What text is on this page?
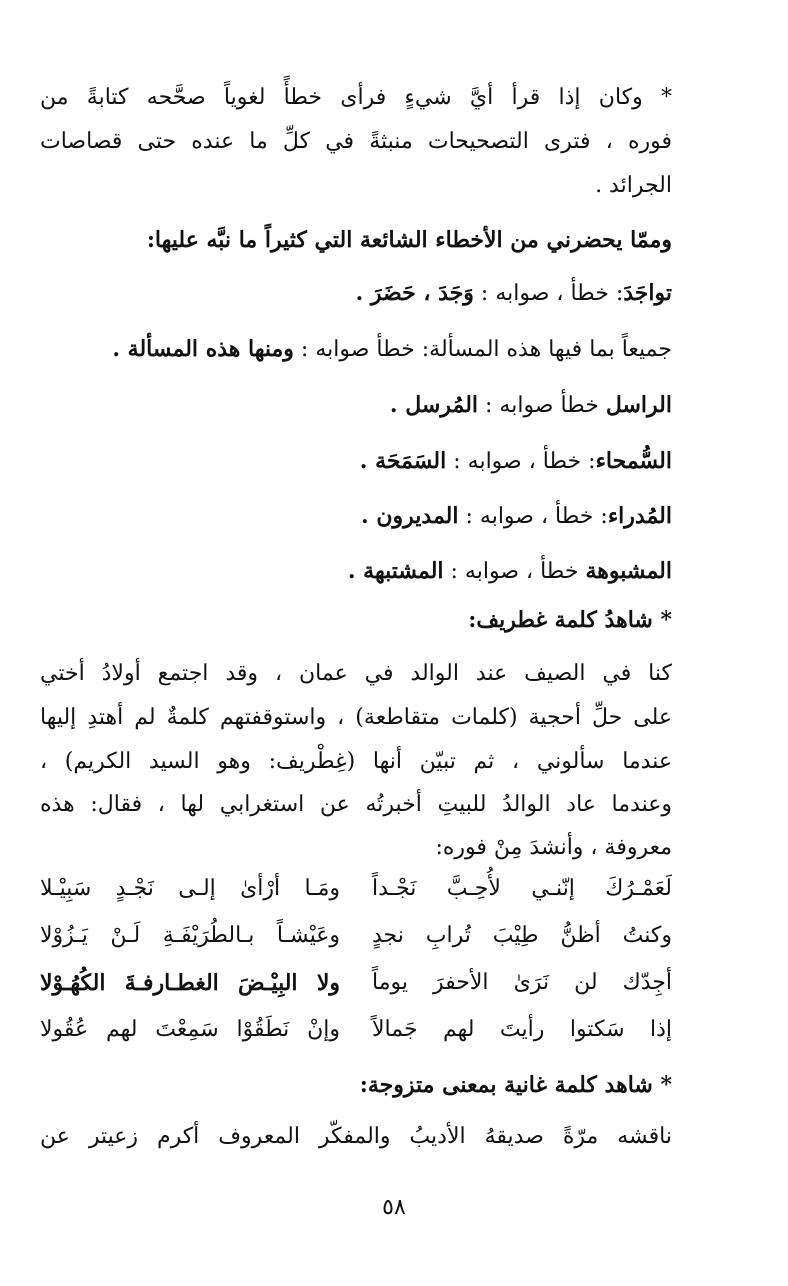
* وكان إذا قرأ أيَّ شيءٍ فرأى خطأً لغوياً صحَّحه كتابةً من
فوره ، فترى التصحيحات منبثةً في كلِّ ما عنده حتى قصاصات
الجرائد .
وممّا يحضرني من الأخطاء الشائعة التي كثيراً ما نبَّه عليها:
تواجَدَ: خطأ ، صوابه : وَجَدَ ، حَضَرَ .
جميعاً بما فيها هذه المسألة: خطأ صوابه : ومنها هذه المسألة .
الراسل خطأ صوابه : المُرسل .
السُّمحاء: خطأ ، صوابه : السَمَحَة .
المُدراء: خطأ ، صوابه : المديرون .
المشبوهة خطأ ، صوابه : المشتبهة .
* شاهدُ كلمة غطريف:
كنا في الصيف عند الوالد في عمان ، وقد اجتمع أولادُ أختي
على حلِّ أحجية (كلمات متقاطعة) ، واستوقفتهم كلمةٌ لم أهتدِ إليها
عندما سألوني ، ثم تبيّن أنها (غِطْريف: وهو السيد الكريم) ،
وعندما عاد الوالدُ للبيتِ أخبرتُه عن استغرابي لها ، فقال: هذه
معروفة ، وأنشدَ مِنْ فوره:
لَعَمْـرُكَ إنّنـي لأُحِـبَّ نَجْـداً
ومَـا أرْأىٰ إلـى نَجْـدٍ سَبِيْـلا
وكنتُ أظنُّ طِيْبَ تُرابِ نجدٍ
وعَيْشـاً بـالطُرَيْفَـةِ لَـنْ يَـزُوْلا
أجِدّك لن نَرَىٰ الأحفرَ يوماً
ولا البِيْـضَ الغطـارفـةَ الكُهُـوْلا
إذا سَكتوا رأيتَ لهم جَمالاً
وإنْ نَطَقُوْا سَمِعْتَ لهم عُقُولا
* شاهد كلمة غانية بمعنى متزوجة:
ناقشه مرّةً صديقهُ الأديبُ والمفكّر المعروف أكرم زعيتر عن
٥٨
